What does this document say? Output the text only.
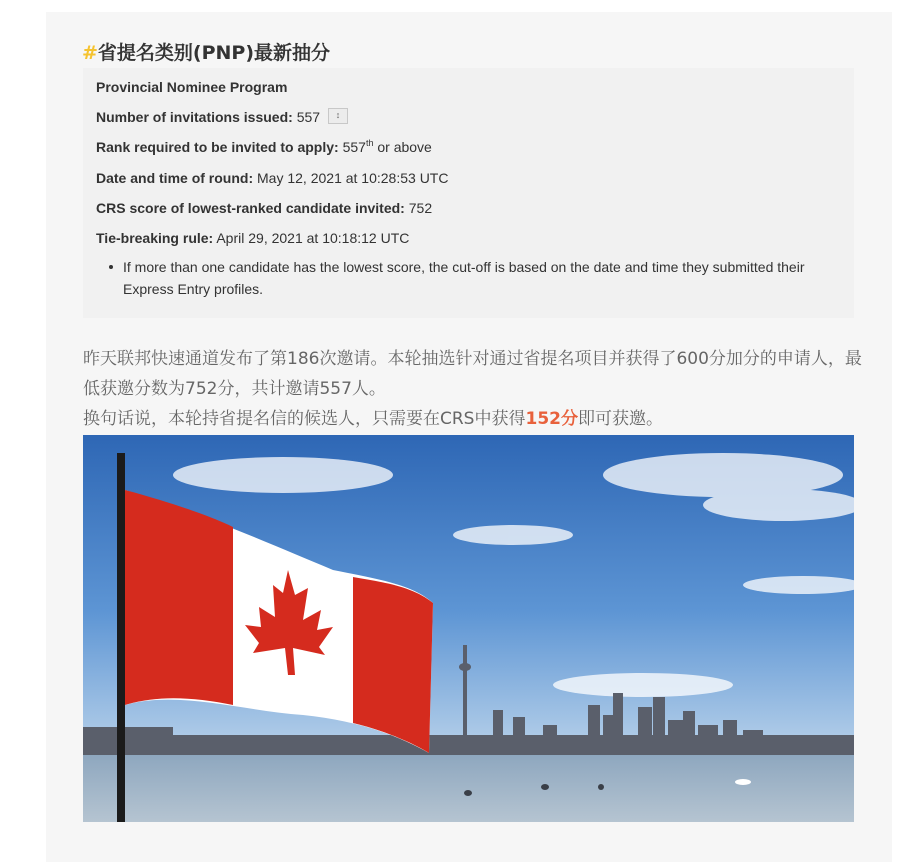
#省提名类别(PNP)最新抽分
Provincial Nominee Program
Number of invitations issued: 557 ↕
Rank required to be invited to apply: 557th or above
Date and time of round: May 12, 2021 at 10:28:53 UTC
CRS score of lowest-ranked candidate invited: 752
Tie-breaking rule: April 29, 2021 at 10:18:12 UTC
If more than one candidate has the lowest score, the cut-off is based on the date and time they submitted their Express Entry profiles.
昨天联邦快速通道发布了第186次邀请。本轮抽选针对通过省提名项目并获得了600分加分的申请人，最低获邀分数为752分，共计邀请557人。
换句话说，本轮持省提名信的候选人，只需要在CRS中获得152分即可获邀。
